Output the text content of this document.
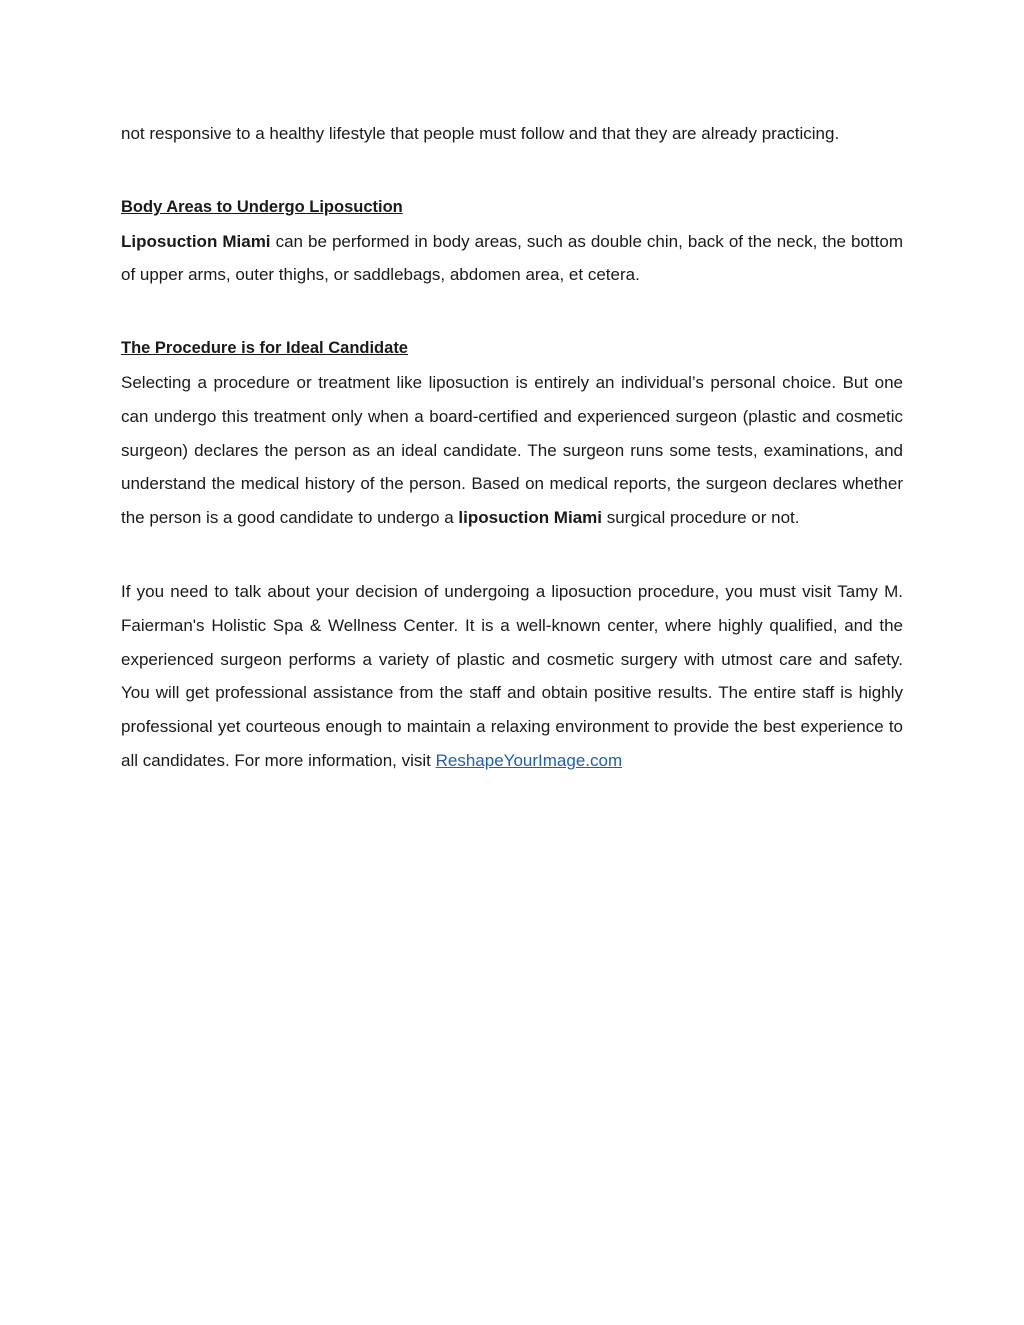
not responsive to a healthy lifestyle that people must follow and that they are already practicing.

Body Areas to Undergo Liposuction

Liposuction Miami can be performed in body areas, such as double chin, back of the neck, the bottom of upper arms, outer thighs, or saddlebags, abdomen area, et cetera.

The Procedure is for Ideal Candidate

Selecting a procedure or treatment like liposuction is entirely an individual’s personal choice. But one can undergo this treatment only when a board-certified and experienced surgeon (plastic and cosmetic surgeon) declares the person as an ideal candidate. The surgeon runs some tests, examinations, and understand the medical history of the person. Based on medical reports, the surgeon declares whether the person is a good candidate to undergo a liposuction Miami surgical procedure or not.

If you need to talk about your decision of undergoing a liposuction procedure, you must visit Tamy M. Faierman's Holistic Spa & Wellness Center. It is a well-known center, where highly qualified, and the experienced surgeon performs a variety of plastic and cosmetic surgery with utmost care and safety. You will get professional assistance from the staff and obtain positive results. The entire staff is highly professional yet courteous enough to maintain a relaxing environment to provide the best experience to all candidates. For more information, visit ReshapeYourImage.com
